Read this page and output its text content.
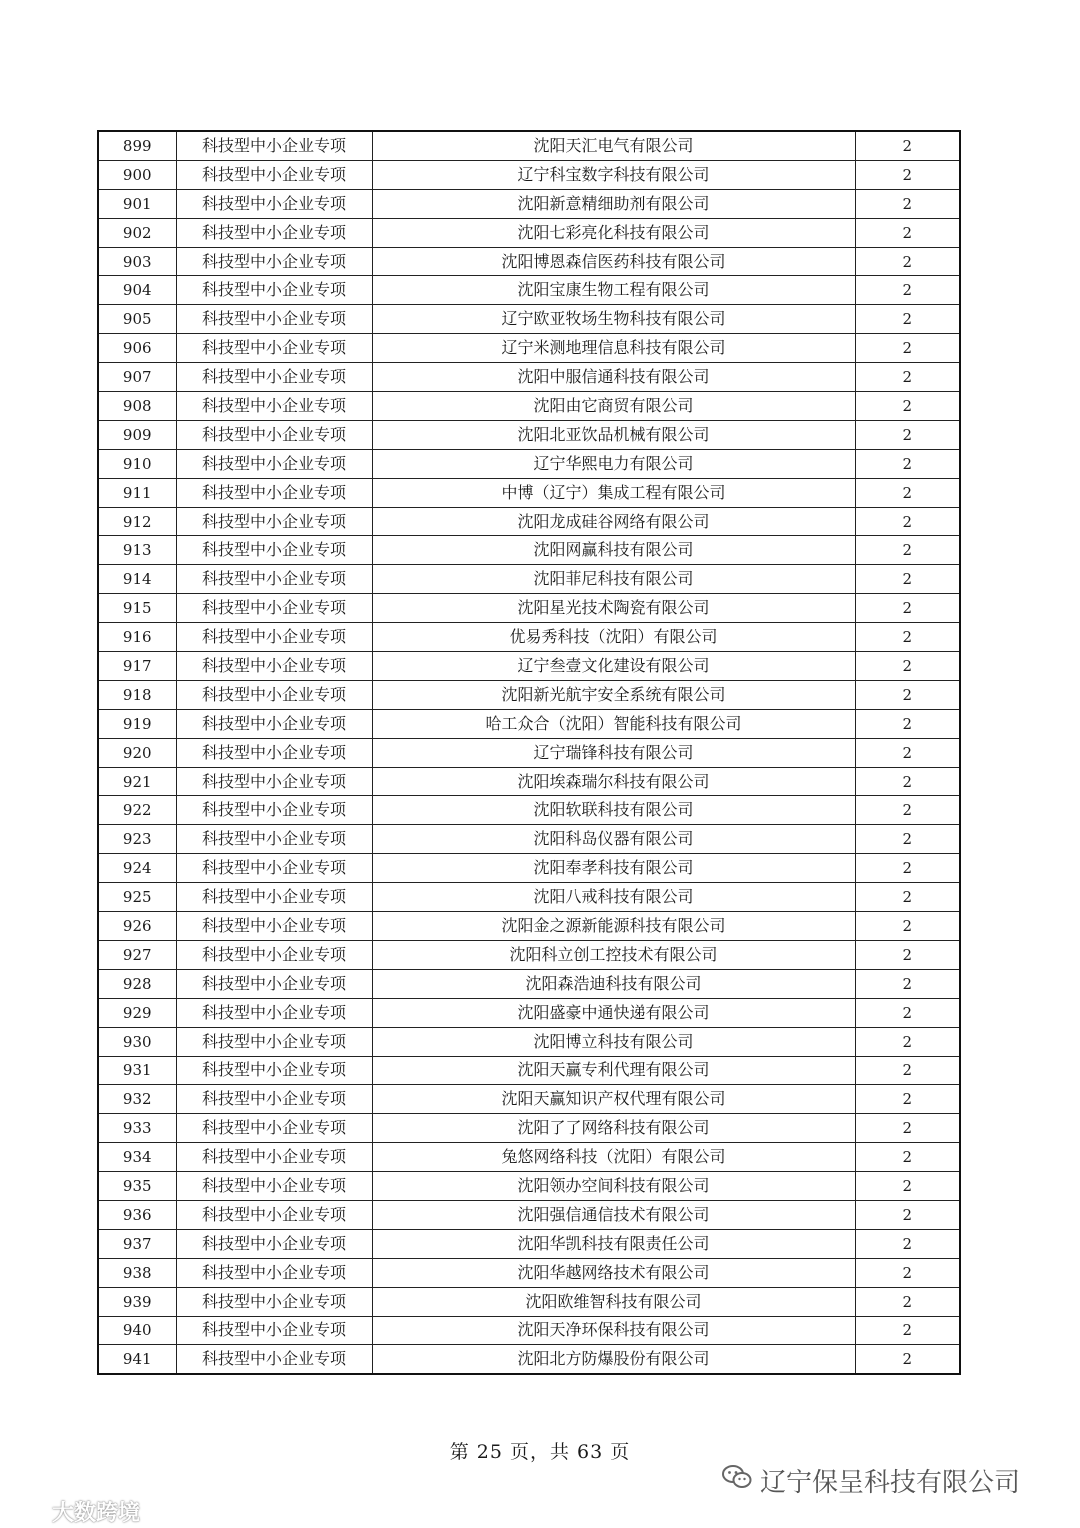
899	科技型中小企业专项	沈阳天汇电气有限公司	2
900	科技型中小企业专项	辽宁科宝数字科技有限公司	2
901	科技型中小企业专项	沈阳新意精细助剂有限公司	2
902	科技型中小企业专项	沈阳七彩亮化科技有限公司	2
903	科技型中小企业专项	沈阳博恩森信医药科技有限公司	2
904	科技型中小企业专项	沈阳宝康生物工程有限公司	2
905	科技型中小企业专项	辽宁欧亚牧场生物科技有限公司	2
906	科技型中小企业专项	辽宁米测地理信息科技有限公司	2
907	科技型中小企业专项	沈阳中服信通科技有限公司	2
908	科技型中小企业专项	沈阳由它商贸有限公司	2
909	科技型中小企业专项	沈阳北亚饮品机械有限公司	2
910	科技型中小企业专项	辽宁华熙电力有限公司	2
911	科技型中小企业专项	中博（辽宁）集成工程有限公司	2
912	科技型中小企业专项	沈阳龙成硅谷网络有限公司	2
913	科技型中小企业专项	沈阳网赢科技有限公司	2
914	科技型中小企业专项	沈阳菲尼科技有限公司	2
915	科技型中小企业专项	沈阳星光技术陶瓷有限公司	2
916	科技型中小企业专项	优易秀科技（沈阳）有限公司	2
917	科技型中小企业专项	辽宁叁壹文化建设有限公司	2
918	科技型中小企业专项	沈阳新光航宇安全系统有限公司	2
919	科技型中小企业专项	哈工众合（沈阳）智能科技有限公司	2
920	科技型中小企业专项	辽宁瑞锋科技有限公司	2
921	科技型中小企业专项	沈阳埃森瑞尔科技有限公司	2
922	科技型中小企业专项	沈阳软联科技有限公司	2
923	科技型中小企业专项	沈阳科岛仪器有限公司	2
924	科技型中小企业专项	沈阳奉孝科技有限公司	2
925	科技型中小企业专项	沈阳八戒科技有限公司	2
926	科技型中小企业专项	沈阳金之源新能源科技有限公司	2
927	科技型中小企业专项	沈阳科立创工控技术有限公司	2
928	科技型中小企业专项	沈阳森浩迪科技有限公司	2
929	科技型中小企业专项	沈阳盛豪中通快递有限公司	2
930	科技型中小企业专项	沈阳博立科技有限公司	2
931	科技型中小企业专项	沈阳天赢专利代理有限公司	2
932	科技型中小企业专项	沈阳天赢知识产权代理有限公司	2
933	科技型中小企业专项	沈阳了了网络科技有限公司	2
934	科技型中小企业专项	兔悠网络科技（沈阳）有限公司	2
935	科技型中小企业专项	沈阳领办空间科技有限公司	2
936	科技型中小企业专项	沈阳强信通信技术有限公司	2
937	科技型中小企业专项	沈阳华凯科技有限责任公司	2
938	科技型中小企业专项	沈阳华越网络技术有限公司	2
939	科技型中小企业专项	沈阳欧维智科技有限公司	2
940	科技型中小企业专项	沈阳天净环保科技有限公司	2
941	科技型中小企业专项	沈阳北方防爆股份有限公司	2
第 25 页，共 63 页
辽宁保呈科技有限公司
大数跨境
